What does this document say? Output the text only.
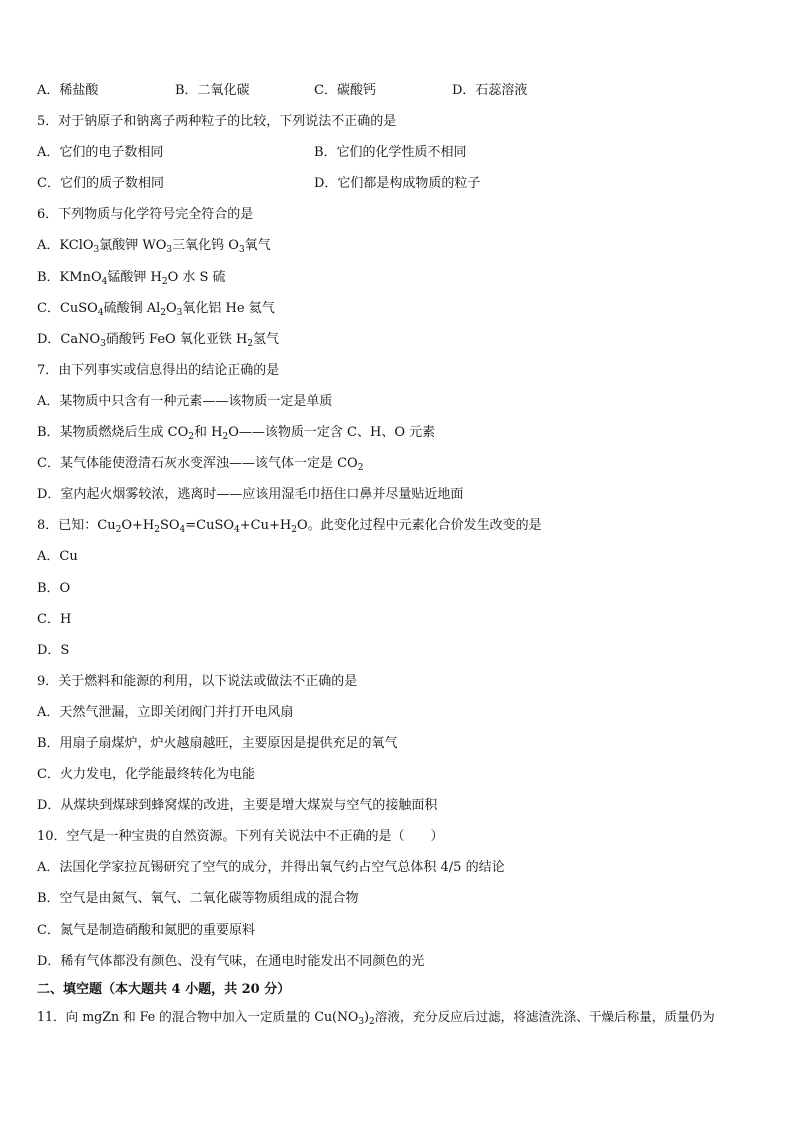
A．稀盐酸	B．二氧化碳	C．碳酸钙	D．石蕊溶液
5．对于钠原子和钠离子两种粒子的比较，下列说法不正确的是
A．它们的电子数相同	B．它们的化学性质不相同
C．它们的质子数相同	D．它们都是构成物质的粒子
6．下列物质与化学符号完全符合的是
A．KClO$_3$氯酸钾 $WO_3$三氧化钨 $O_3$氧气
B．KMnO$_4$锰酸钾 $H_2O$ 水 S 硫
C．CuSO$_4$硫酸铜 $Al_2O_3$氧化铝 He 氦气
D．CaNO$_3$硝酸钙 FeO 氧化亚铁 $H_2$氢气
7．由下列事实或信息得出的结论正确的是
A．某物质中只含有一种元素——该物质一定是单质
B．某物质燃烧后生成 $CO_2$和 $H_2O——$该物质一定含 C、H、O 元素
C．某气体能使澄清石灰水变浑浊——该气体一定是 $CO_2$
D．室内起火烟雾较浓，逃离时——应该用湿毛巾捂住口鼻并尽量贴近地面
8．已知：$Cu_2O+H_2SO_4=CuSO_4+Cu+H_2O$。此变化过程中元素化合价发生改变的是
A．Cu
B．O
C．H
D．S
9．关于燃料和能源的利用，以下说法或做法不正确的是
A．天然气泄漏，立即关闭阀门并打开电风扇
B．用扇子扇煤炉，炉火越扇越旺，主要原因是提供充足的氧气
C．火力发电，化学能最终转化为电能
D．从煤块到煤球到蜂窝煤的改进，主要是增大煤炭与空气的接触面积
10．空气是一种宝贵的自然资源。下列有关说法中不正确的是（　　）
A．法国化学家拉瓦锡研究了空气的成分，并得出氧气约占空气总体积 4/5 的结论
B．空气是由氮气、氧气、二氧化碳等物质组成的混合物
C．氮气是制造硝酸和氮肥的重要原料
D．稀有气体都没有颜色、没有气味，在通电时能发出不同颜色的光
二、填空题（本大题共 4 小题，共 20 分）
11．向 mgZn 和 Fe 的混合物中加入一定质量的 $Cu(NO_3)_2$溶液，充分反应后过滤，将滤渣洗涤、干燥后称量，质量仍为
